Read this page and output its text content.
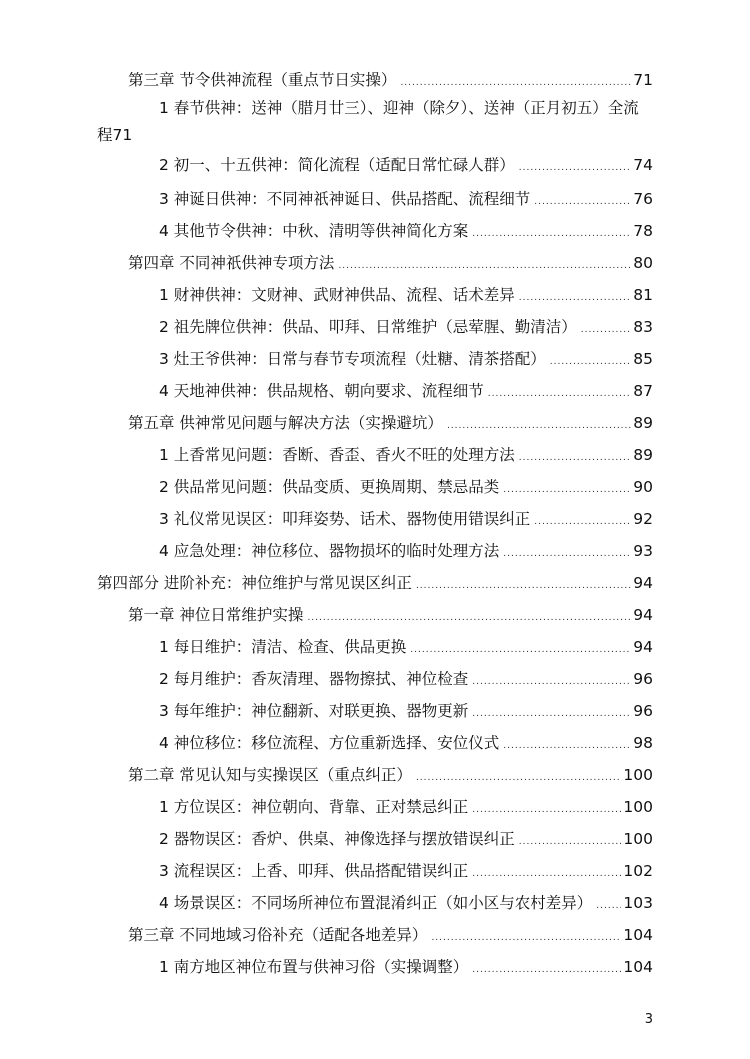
第三章 节令供神流程（重点节日实操） .....	71
1 春节供神：送神（腊月廿三）、迎神（除夕）、送神（正月初五）全流
程 71
2 初一、十五供神：简化流程（适配日常忙碌人群） .....	74
3 神诞日供神：不同神祇神诞日、供品搭配、流程细节 .....	76
4 其他节令供神：中秋、清明等供神简化方案 .....	78
第四章 不同神祇供神专项方法 .....	80
1 财神供神：文财神、武财神供品、流程、话术差异 .....	81
2 祖先牌位供神：供品、叩拜、日常维护（忌荤腥、勤清洁） .....	83
3 灶王爷供神：日常与春节专项流程（灶糖、清茶搭配） .....	85
4 天地神供神：供品规格、朝向要求、流程细节 .....	87
第五章 供神常见问题与解决方法（实操避坑） .....	89
1 上香常见问题：香断、香歪、香火不旺的处理方法 .....	89
2 供品常见问题：供品变质、更换周期、禁忌品类 .....	90
3 礼仪常见误区：叩拜姿势、话术、器物使用错误纠正 .....	92
4 应急处理：神位移位、器物损坏的临时处理方法 .....	93
第四部分 进阶补充：神位维护与常见误区纠正 .....	94
第一章 神位日常维护实操 .....	94
1 每日维护：清洁、检查、供品更换 .....	94
2 每月维护：香灰清理、器物擦拭、神位检查 .....	96
3 每年维护：神位翻新、对联更换、器物更新 .....	96
4 神位移位：移位流程、方位重新选择、安位仪式 .....	98
第二章 常见认知与实操误区（重点纠正） .....	100
1 方位误区：神位朝向、背靠、正对禁忌纠正 .....	100
2 器物误区：香炉、供桌、神像选择与摆放错误纠正 .....	100
3 流程误区：上香、叩拜、供品搭配错误纠正 .....	102
4 场景误区：不同场所神位布置混淆纠正（如小区与农村差异） ..... 103
第三章 不同地域习俗补充（适配各地差异） .....	104
1 南方地区神位布置与供神习俗（实操调整） .....	104
3
